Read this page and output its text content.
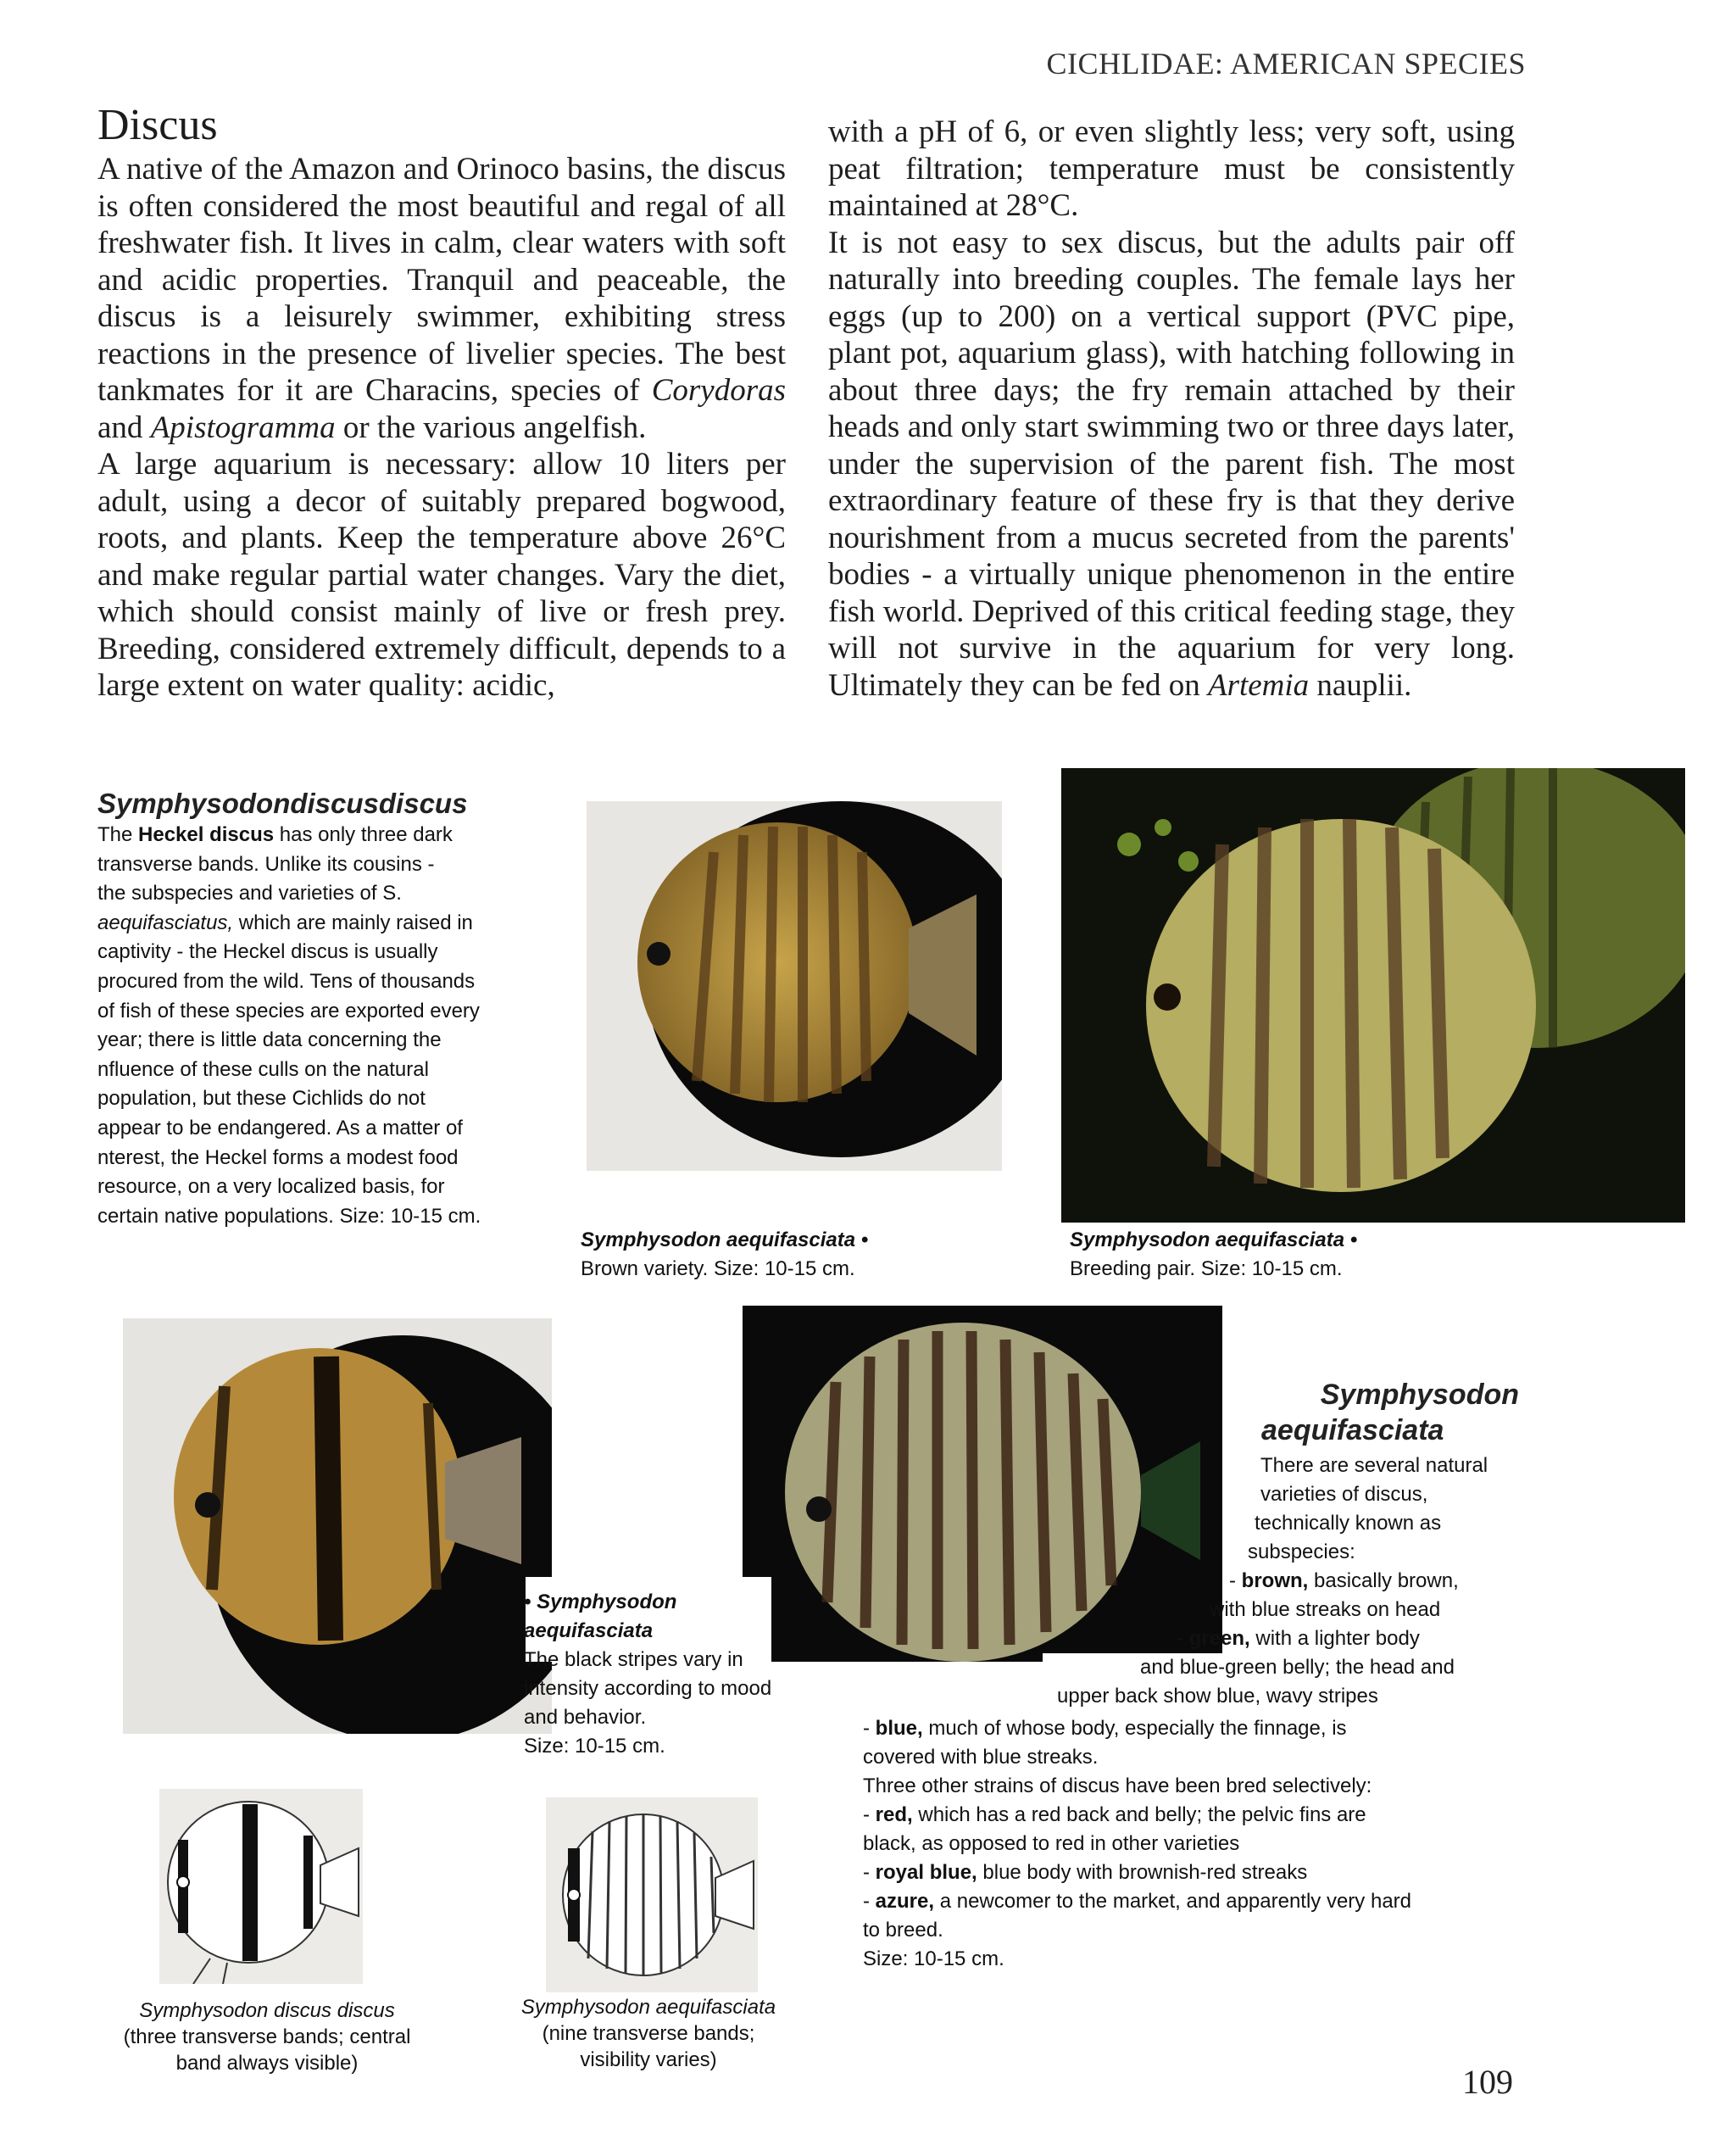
CICHLIDAE: AMERICAN SPECIES
Discus

A native of the Amazon and Orinoco basins, the discus is often considered the most beautiful and regal of all freshwater fish. It lives in calm, clear waters with soft and acidic properties. Tranquil and peaceable, the discus is a leisurely swimmer, exhibiting stress reactions in the presence of livelier species. The best tankmates for it are Characins, species of Corydoras and Apistogramma or the various angelfish.

A large aquarium is necessary: allow 10 liters per adult, using a decor of suitably prepared bogwood, roots, and plants. Keep the temperature above 26°C and make regular partial water changes. Vary the diet, which should consist mainly of live or fresh prey. Breeding, considered extremely difficult, depends to a large extent on water quality: acidic,

with a pH of 6, or even slightly less; very soft, using peat filtration; temperature must be consistently maintained at 28°C.

It is not easy to sex discus, but the adults pair off naturally into breeding couples. The female lays her eggs (up to 200) on a vertical support (PVC pipe, plant pot, aquarium glass), with hatching following in about three days; the fry remain attached by their heads and only start swimming two or three days later, under the supervision of the parent fish. The most extraordinary feature of these fry is that they derive nourishment from a mucus secreted from the parents' bodies - a virtually unique phenomenon in the entire fish world. Deprived of this critical feeding stage, they will not survive in the aquarium for very long. Ultimately they can be fed on Artemia nauplii.

Symphysodondiscusdiscus
The Heckel discus has only three dark
transverse bands. Unlike its cousins -
the subspecies and varieties of S.
aequifasciatus, which are mainly raised in
captivity - the Heckel discus is usually
procured from the wild. Tens of thousands
of fish of these species are exported every
year; there is little data concerning the
nfluence of these culls on the natural
population, but these Cichlids do not
appear to be endangered. As a matter of
nterest, the Heckel forms a modest food
resource, on a very localized basis, for
certain native populations. Size: 10-15 cm.
Symphysodon aequifasciata •
Brown variety. Size: 10-15 cm.
Symphysodon aequifasciata •
Breeding pair. Size: 10-15 cm.
• Symphysodon
aequifasciata
The black stripes vary in
intensity according to mood
and behavior.
Size: 10-15 cm.
Symphysodon discus discus
(three transverse bands; central
band always visible)
Symphysodon aequifasciata
(nine transverse bands;
visibility varies)
Symphysodon
aequifasciata
There are several natural
varieties of discus,
technically known as
subspecies:
- brown, basically brown,
with blue streaks on head
- green, with a lighter body
and blue-green belly; the head and
upper back show blue, wavy stripes
- blue, much of whose body, especially the finnage, is
covered with blue streaks.
Three other strains of discus have been bred selectively:
- red, which has a red back and belly; the pelvic fins are
black, as opposed to red in other varieties
- royal blue, blue body with brownish-red streaks
- azure, a newcomer to the market, and apparently very hard
to breed.
Size: 10-15 cm.
109
